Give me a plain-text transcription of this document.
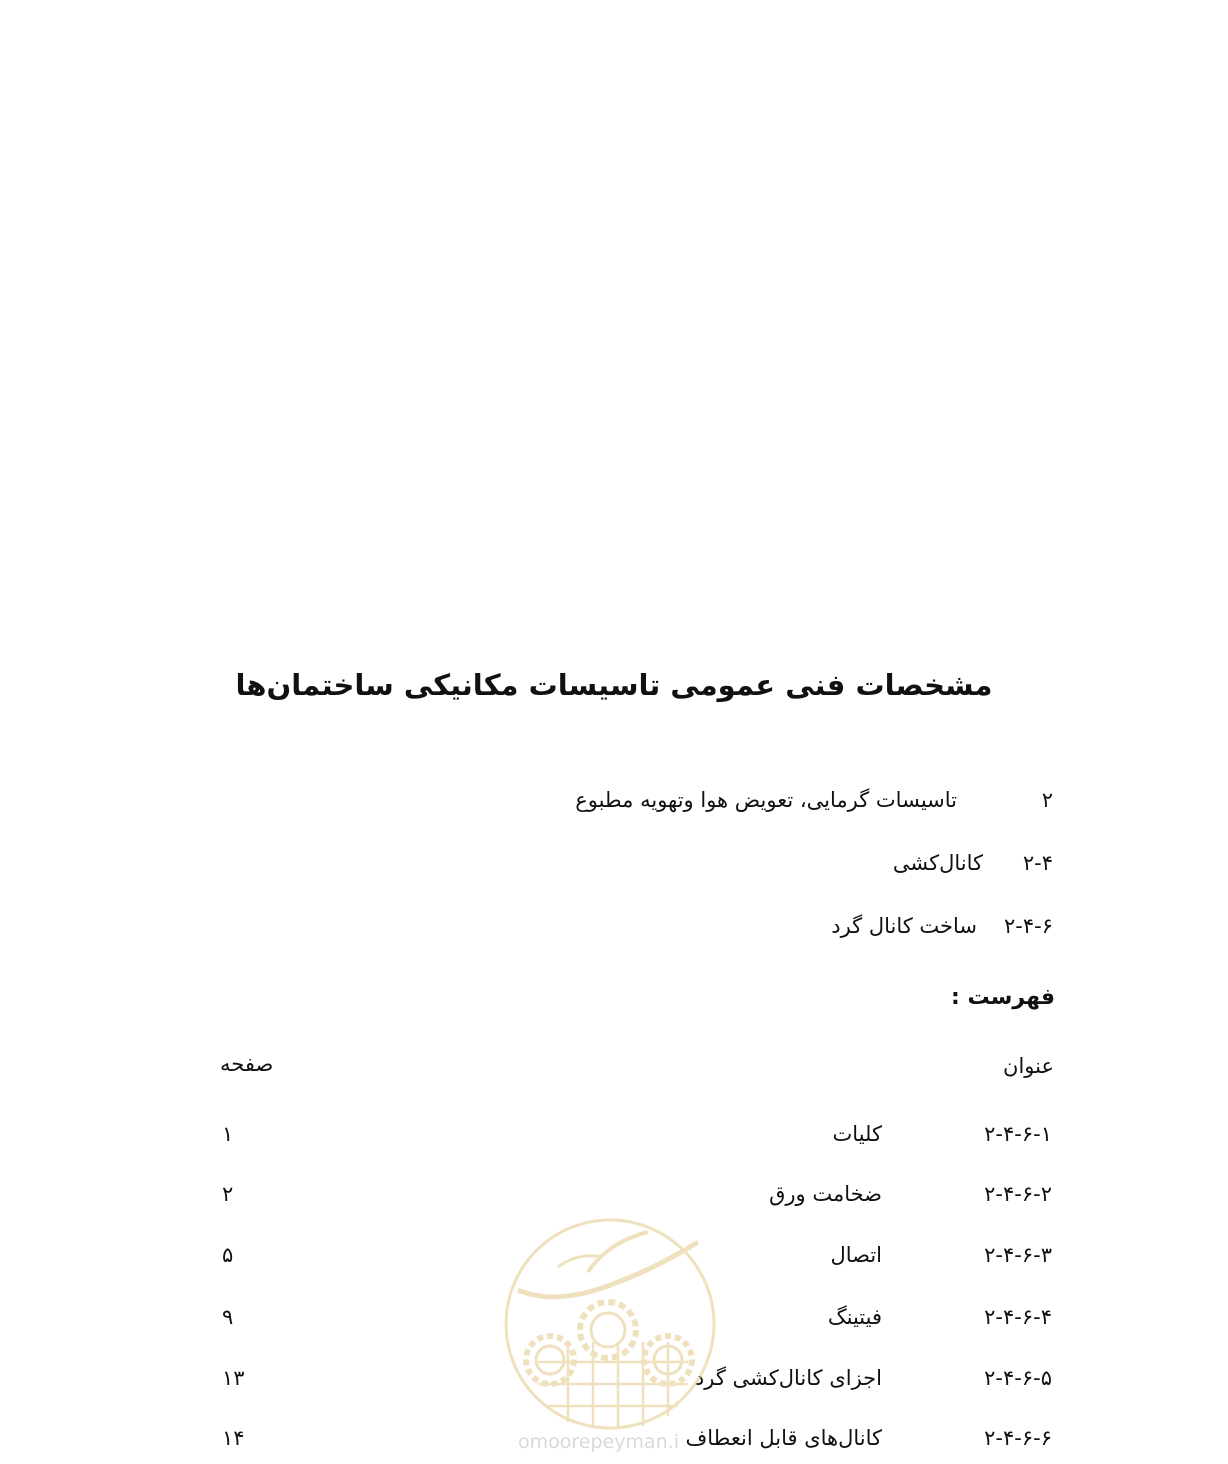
مشخصات فنی عمومی تاسیسات مکانیکی ساختمان‌ها
۲تاسیسات گرمایی، تعویض هوا وتهویه مطبوع
۲-۴کانال‌کشی
۲-۴-۶ساخت کانال گرد
فهرست :
عنوان
صفحه
۲-۴-۶-۱
کلیات
۱
۲-۴-۶-۲
ضخامت ورق
۲
۲-۴-۶-۳
اتصال
۵
۲-۴-۶-۴
فیتینگ
۹
۲-۴-۶-۵
اجزای کانال‌کشی گرد
۱۳
۲-۴-۶-۶
کانال‌های قابل انعطاف
۱۴	omoorepeyman.i
